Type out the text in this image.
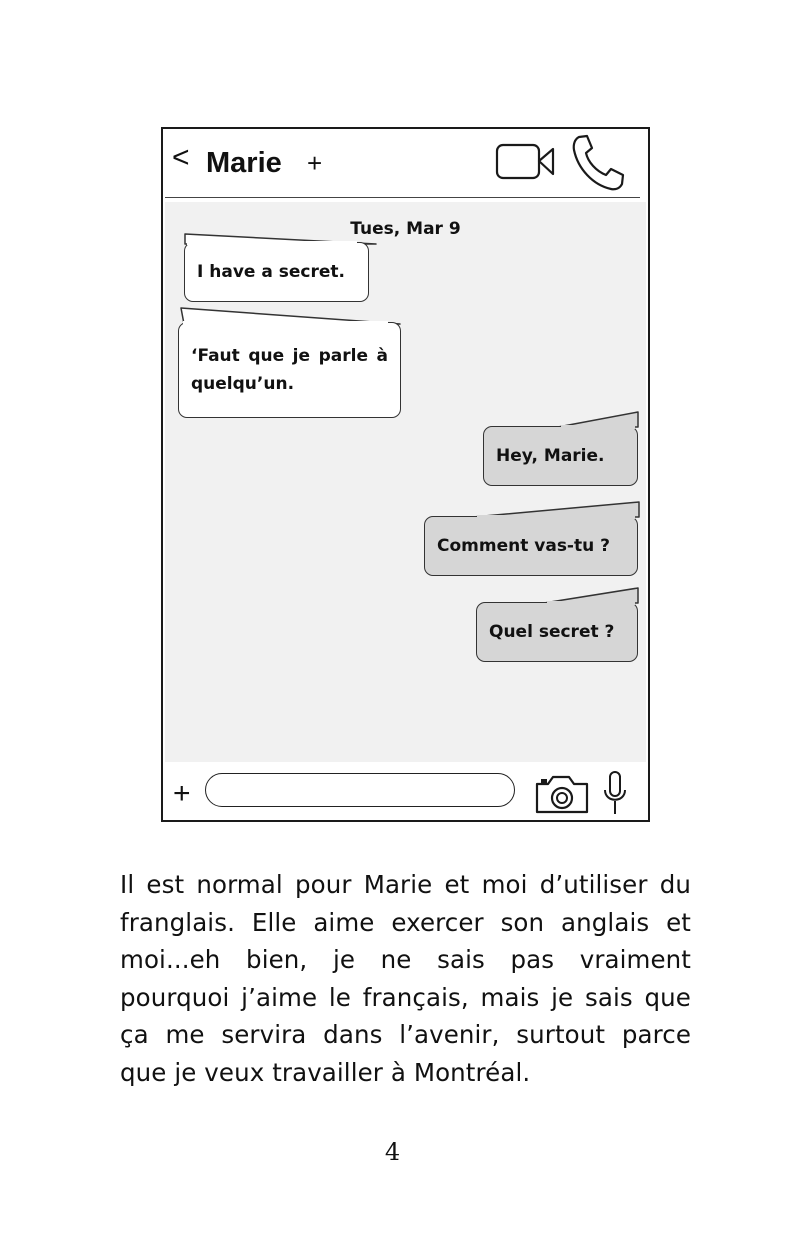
< Marie +
Tues, Mar 9
I have a secret.
‘Faut que je parle à quelqu’un.
Hey, Marie.
Comment vas-tu ?
Quel secret ?
+

Il est normal pour Marie et moi d’utiliser du franglais. Elle aime exercer son anglais et moi...eh bien, je ne sais pas vraiment pourquoi j’aime le français, mais je sais que ça me servira dans l’avenir, surtout parce que je veux travailler à Montréal.

4
